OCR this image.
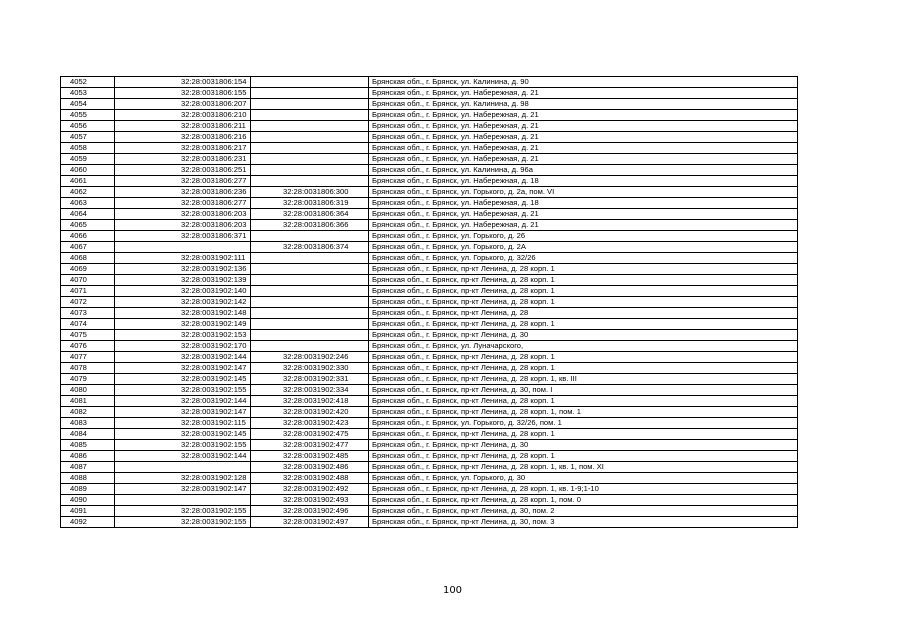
4052	32:28:0031806:154		Брянская обл., г. Брянск, ул. Калинина, д. 90
4053	32:28:0031806:155		Брянская обл., г. Брянск, ул. Набережная, д. 21
4054	32:28:0031806:207		Брянская обл., г. Брянск, ул. Калинина, д. 98
4055	32:28:0031806:210		Брянская обл., г. Брянск, ул. Набережная, д. 21
4056	32:28:0031806:211		Брянская обл., г. Брянск, ул. Набережная, д. 21
4057	32:28:0031806:216		Брянская обл., г. Брянск, ул. Набережная, д. 21
4058	32:28:0031806:217		Брянская обл., г. Брянск, ул. Набережная, д. 21
4059	32:28:0031806:231		Брянская обл., г. Брянск, ул. Набережная, д. 21
4060	32:28:0031806:251		Брянская обл., г. Брянск, ул. Калинина, д. 96а
4061	32:28:0031806:277		Брянская обл., г. Брянск, ул. Набережная, д. 18
4062	32:28:0031806:236	32:28:0031806:300	Брянская обл., г. Брянск, ул. Горького, д. 2а, пом. VI
4063	32:28:0031806:277	32:28:0031806:319	Брянская обл., г. Брянск, ул. Набережная, д. 18
4064	32:28:0031806:203	32:28:0031806:364	Брянская обл., г. Брянск, ул. Набережная, д. 21
4065	32:28:0031806:203	32:28:0031806:366	Брянская обл., г. Брянск, ул. Набережная, д. 21
4066	32:28:0031806:371		Брянская обл., г. Брянск, ул. Горького, д. 26
4067		32:28:0031806:374	Брянская обл., г. Брянск, ул. Горького, д. 2А
4068	32:28:0031902:111		Брянская обл., г. Брянск, ул. Горького, д. 32/26
4069	32:28:0031902:136		Брянская обл., г. Брянск, пр-кт Ленина, д. 28 корп. 1
4070	32:28:0031902:139		Брянская обл., г. Брянск, пр-кт Ленина, д. 28 корп. 1
4071	32:28:0031902:140		Брянская обл., г. Брянск, пр-кт Ленина, д. 28 корп. 1
4072	32:28:0031902:142		Брянская обл., г. Брянск, пр-кт Ленина, д. 28 корп. 1
4073	32:28:0031902:148		Брянская обл., г. Брянск, пр-кт Ленина, д. 28
4074	32:28:0031902:149		Брянская обл., г. Брянск, пр-кт Ленина, д. 28 корп. 1
4075	32:28:0031902:153		Брянская обл., г. Брянск, пр-кт Ленина, д. 30
4076	32:28:0031902:170		Брянская обл., г. Брянск, ул. Луначарского,
4077	32:28:0031902:144	32:28:0031902:246	Брянская обл., г. Брянск, пр-кт Ленина, д. 28 корп. 1
4078	32:28:0031902:147	32:28:0031902:330	Брянская обл., г. Брянск, пр-кт Ленина, д. 28 корп. 1
4079	32:28:0031902:145	32:28:0031902:331	Брянская обл., г. Брянск, пр-кт Ленина, д. 28 корп. 1, кв. III
4080	32:28:0031902:155	32:28:0031902:334	Брянская обл., г. Брянск, пр-кт Ленина, д. 30, пом. I
4081	32:28:0031902:144	32:28:0031902:418	Брянская обл., г. Брянск, пр-кт Ленина, д. 28 корп. 1
4082	32:28:0031902:147	32:28:0031902:420	Брянская обл., г. Брянск, пр-кт Ленина, д. 28 корп. 1, пом. 1
4083	32:28:0031902:115	32:28:0031902:423	Брянская обл., г. Брянск, ул. Горького, д. 32/26, пом. 1
4084	32:28:0031902:145	32:28:0031902:475	Брянская обл., г. Брянск, пр-кт Ленина, д. 28 корп. 1
4085	32:28:0031902:155	32:28:0031902:477	Брянская обл., г. Брянск, пр-кт Ленина, д. 30
4086	32:28:0031902:144	32:28:0031902:485	Брянская обл., г. Брянск, пр-кт Ленина, д. 28 корп. 1
4087		32:28:0031902:486	Брянская обл., г. Брянск, пр-кт Ленина, д. 28 корп. 1, кв. 1, пом. XI
4088	32:28:0031902:128	32:28:0031902:488	Брянская обл., г. Брянск, ул. Горького, д. 30
4089	32:28:0031902:147	32:28:0031902:492	Брянская обл., г. Брянск, пр-кт Ленина, д. 28 корп. 1, кв. 1-9;1-10
4090		32:28:0031902:493	Брянская обл., г. Брянск, пр-кт Ленина, д. 28 корп. 1, пом. 0
4091	32:28:0031902:155	32:28:0031902:496	Брянская обл., г. Брянск, пр-кт Ленина, д. 30, пом. 2
4092	32:28:0031902:155	32:28:0031902:497	Брянская обл., г. Брянск, пр-кт Ленина, д. 30, пом. 3
100
